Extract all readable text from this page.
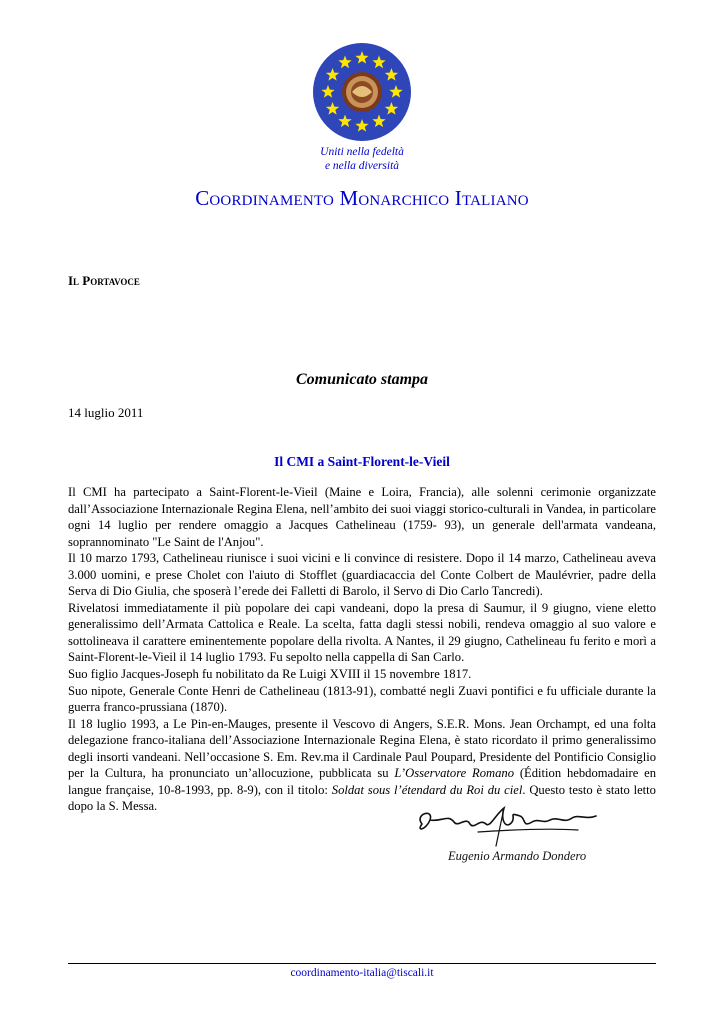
Uniti nella fedeltà
e nella diversità
Coordinamento Monarchico Italiano
Il Portavoce
Comunicato stampa
14 luglio 2011
Il CMI a Saint-Florent-le-Vieil

Il CMI ha partecipato a Saint-Florent-le-Vieil (Maine e Loira, Francia), alle solenni cerimonie organizzate dall’Associazione Internazionale Regina Elena, nell’ambito dei suoi viaggi storico-culturali in Vandea, in particolare ogni 14 luglio per rendere omaggio a Jacques Cathelineau (1759- 93), un generale dell'armata vandeana, soprannominato "Le Saint de l'Anjou".

Il 10 marzo 1793, Cathelineau riunisce i suoi vicini e li convince di resistere. Dopo il 14 marzo, Cathelineau aveva 3.000 uomini, e prese Cholet con l'aiuto di Stofflet (guardiacaccia del Conte Colbert de Maulévrier, padre della Serva di Dio Giulia, che sposerà l’erede dei Falletti di Barolo, il Servo di Dio Carlo Tancredi).

Rivelatosi immediatamente il più popolare dei capi vandeani, dopo la presa di Saumur, il 9 giugno, viene eletto generalissimo dell’Armata Cattolica e Reale. La scelta, fatta dagli stessi nobili, rendeva omaggio al suo valore e sottolineava il carattere eminentemente popolare della rivolta. A Nantes, il 29 giugno, Cathelineau fu ferito e morì a Saint-Florent-le-Vieil il 14 luglio 1793. Fu sepolto nella cappella di San Carlo.

Suo figlio Jacques-Joseph fu nobilitato da Re Luigi XVIII il 15 novembre 1817.

Suo nipote, Generale Conte Henri de Cathelineau (1813-91), combatté negli Zuavi pontifici e fu ufficiale durante la guerra franco-prussiana (1870).

Il 18 luglio 1993, a Le Pin-en-Mauges, presente il Vescovo di Angers, S.E.R. Mons. Jean Orchampt, ed una folta delegazione franco-italiana dell’Associazione Internazionale Regina Elena, è stato ricordato il primo generalissimo degli insorti vandeani. Nell’occasione S. Em. Rev.ma il Cardinale Paul Poupard, Presidente del Pontificio Consiglio per la Cultura, ha pronunciato un’allocuzione, pubblicata su L’Osservatore Romano (Édition hebdomadaire en langue française, 10-8-1993, pp. 8-9), con il titolo: Soldat sous l’étendard du Roi du ciel. Questo testo è stato letto dopo la S. Messa.

Eugenio Armando Dondero
coordinamento-italia@tiscali.it
